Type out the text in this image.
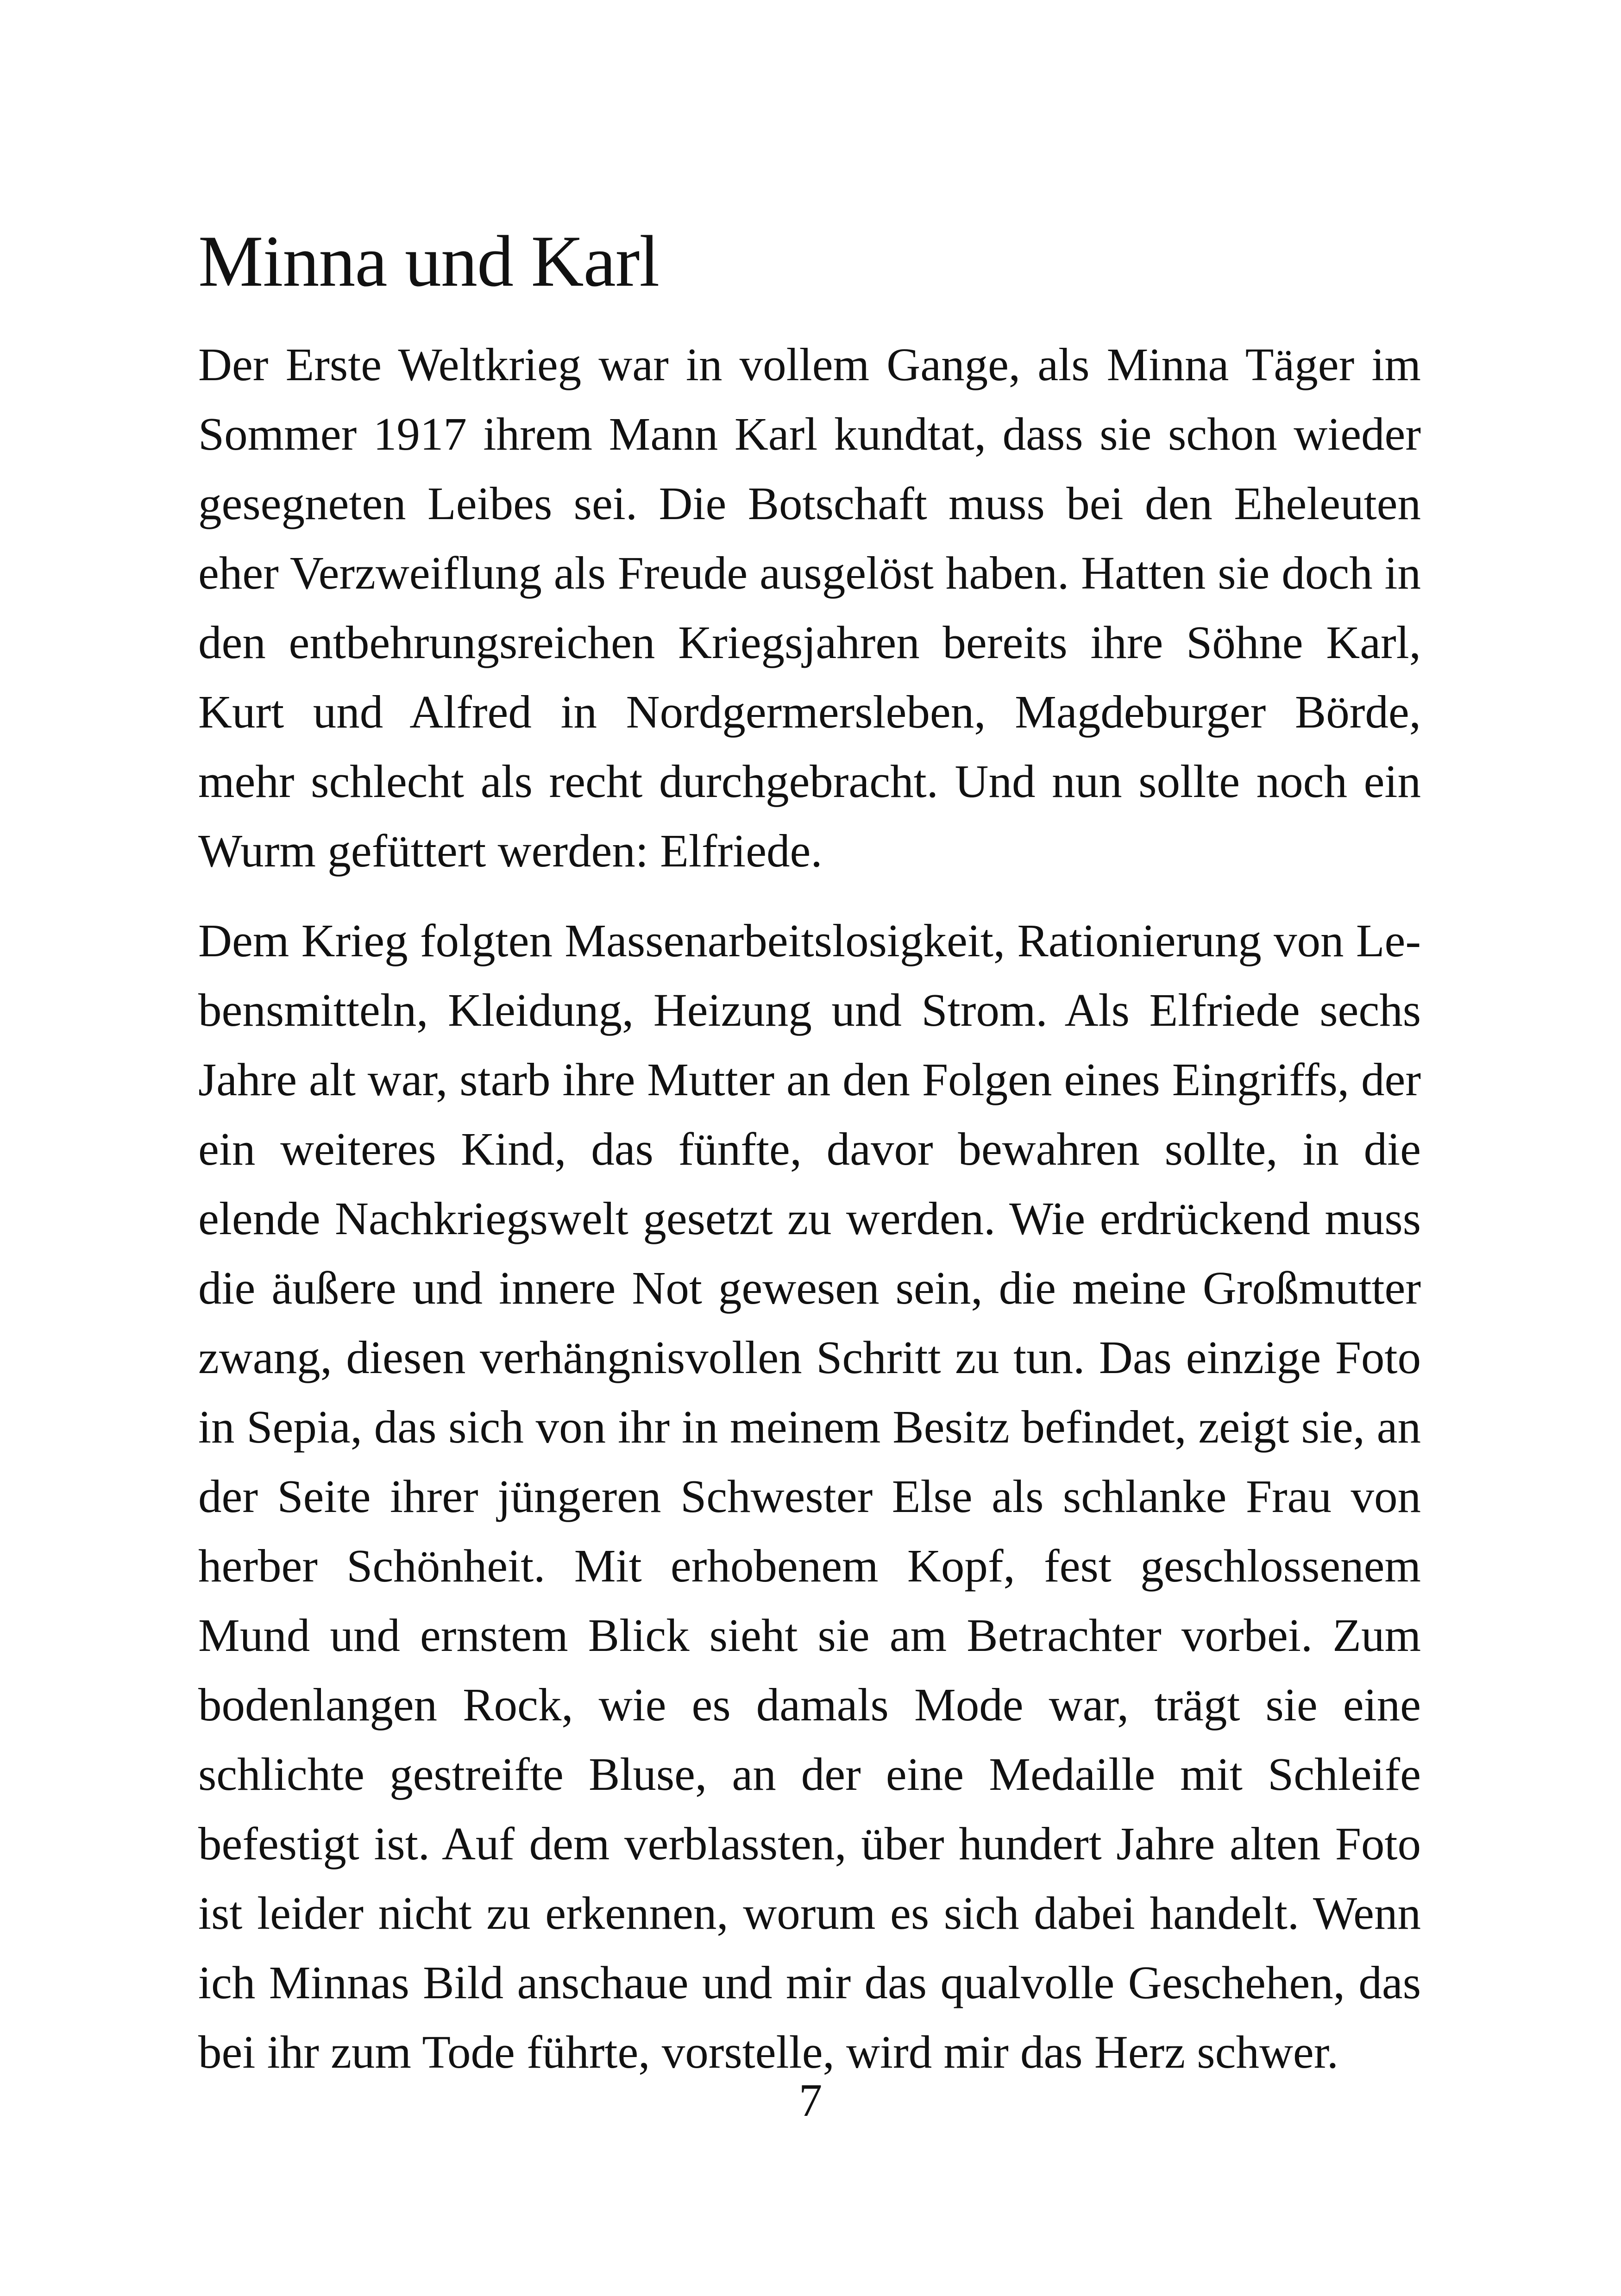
Minna und Karl

Der Erste Weltkrieg war in vollem Gange, als Minna Täger im Sommer 1917 ihrem Mann Karl kundtat, dass sie schon wieder gesegneten Leibes sei. Die Botschaft muss bei den Eheleuten eher Verzweiflung als Freude ausgelöst haben. Hatten sie doch in den entbehrungsreichen Kriegsjahren bereits ihre Söhne Karl, Kurt und Alfred in Nordgermersleben, Magdeburger Börde, mehr schlecht als recht durchgebracht. Und nun sollte noch ein Wurm gefüttert werden: Elfriede.

Dem Krieg folgten Massenarbeitslosigkeit, Rationierung von Lebensmitteln, Kleidung, Heizung und Strom. Als Elfriede sechs Jahre alt war, starb ihre Mutter an den Folgen eines Eingriffs, der ein weiteres Kind, das fünfte, davor bewahren sollte, in die elende Nachkriegswelt gesetzt zu werden. Wie erdrückend muss die äußere und innere Not gewesen sein, die meine Großmutter zwang, diesen verhängnisvollen Schritt zu tun. Das einzige Foto in Sepia, das sich von ihr in meinem Besitz befindet, zeigt sie, an der Seite ihrer jüngeren Schwester Else als schlanke Frau von herber Schönheit. Mit erhobenem Kopf, fest geschlossenem Mund und ernstem Blick sieht sie am Betrachter vorbei. Zum bodenlangen Rock, wie es damals Mode war, trägt sie eine schlichte gestreifte Bluse, an der eine Medaille mit Schleife befestigt ist. Auf dem verblassten, über hundert Jahre alten Foto ist leider nicht zu erkennen, worum es sich dabei handelt. Wenn ich Minnas Bild anschaue und mir das qualvolle Geschehen, das bei ihr zum Tode führte, vorstelle, wird mir das Herz schwer.

7
